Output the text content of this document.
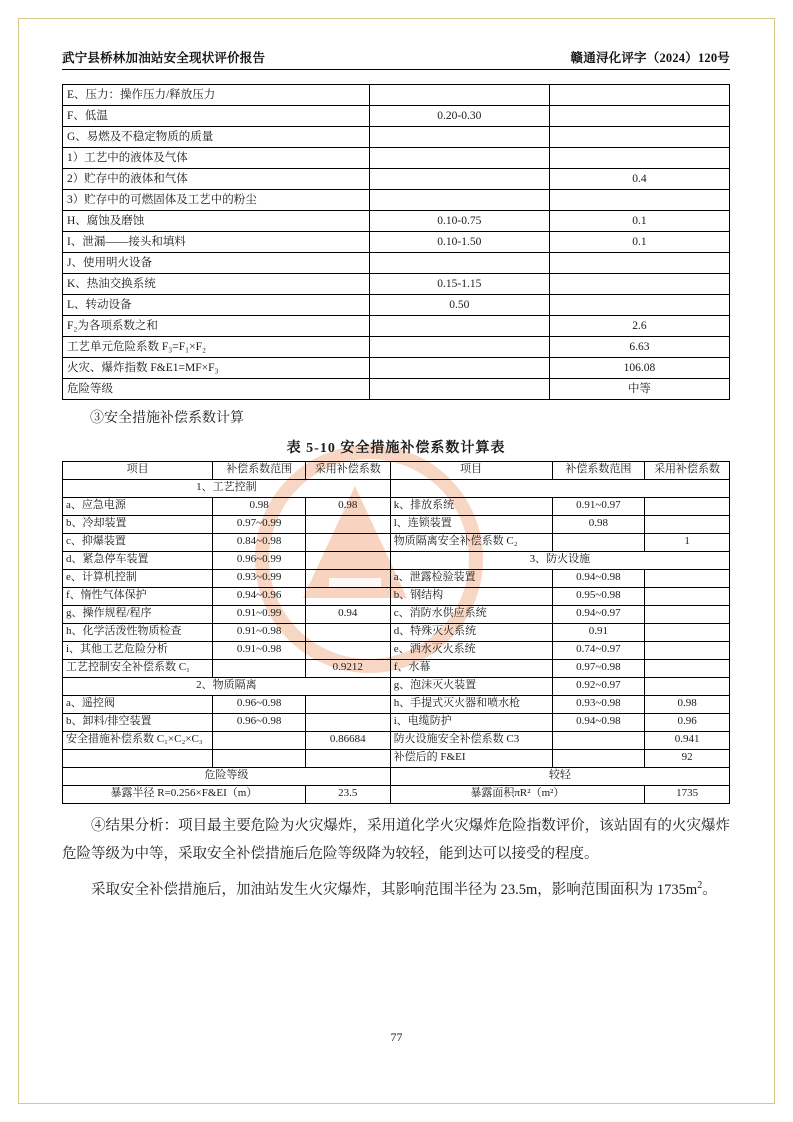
武宁县桥林加油站安全现状评价报告	赣通浔化评字（2024）120号
E、压力：操作压力/释放压力		
F、低温	0.20-0.30	
G、易燃及不稳定物质的质量		
1）工艺中的液体及气体		
2）贮存中的液体和气体		0.4
3）贮存中的可燃固体及工艺中的粉尘		
H、腐蚀及磨蚀	0.10-0.75	0.1
I、泄漏——接头和填料	0.10-1.50	0.1
J、使用明火设备		
K、热油交换系统	0.15-1.15	
L、转动设备	0.50	
F₂为各项系数之和		2.6
工艺单元危险系数 F₃=F₁×F₂		6.63
火灾、爆炸指数 F&E1=MF×F₃		106.08
危险等级		中等
③安全措施补偿系数计算
表 5-10 安全措施补偿系数计算表
项目	补偿系数范围	采用补偿系数	项目	补偿系数范围	采用补偿系数
1、工艺控制					
a、应急电源	0.98	0.98	k、排放系统	0.91~0.97	
b、冷却装置	0.97~0.99		l、连锁装置	0.98	
c、抑爆装置	0.84~0.98		物质隔离安全补偿系数 C₂		1
d、紧急停车装置	0.96~0.99		3、防火设施		
e、计算机控制	0.93~0.99		a、泄露检验装置	0.94~0.98	
f、惰性气体保护	0.94~0.96		b、钢结构	0.95~0.98	
g、操作规程/程序	0.91~0.99	0.94	c、消防水供应系统	0.94~0.97	
h、化学活泼性物质检查	0.91~0.98		d、特殊灭火系统	0.91	
i、其他工艺危险分析	0.91~0.98		e、洒水灭火系统	0.74~0.97	
工艺控制安全补偿系数 C₁		0.9212	f、水幕	0.97~0.98	
2、物质隔离			g、泡沫灭火装置	0.92~0.97	
a、遥控阀	0.96~0.98		h、手提式灭火器和喷水枪	0.93~0.98	0.98
b、卸料/排空装置	0.96~0.98		i、电缆防护	0.94~0.98	0.96
安全措施补偿系数 C₁×C₂×C₃		0.86684	防火设施安全补偿系数 C3		0.941
			补偿后的 F&EI		92
危险等级			较轻		
暴露半径 R=0.256×F&EI（m）		23.5	暴露面积πR²（m²）		1735
④结果分析：项目最主要危险为火灾爆炸，采用道化学火灾爆炸危险指数评价，该站固有的火灾爆炸危险等级为中等，采取安全补偿措施后危险等级降为较轻，能到达可以接受的程度。
采取安全补偿措施后，加油站发生火灾爆炸，其影响范围半径为 23.5m，影响范围面积为 $1735m^2$。
77
